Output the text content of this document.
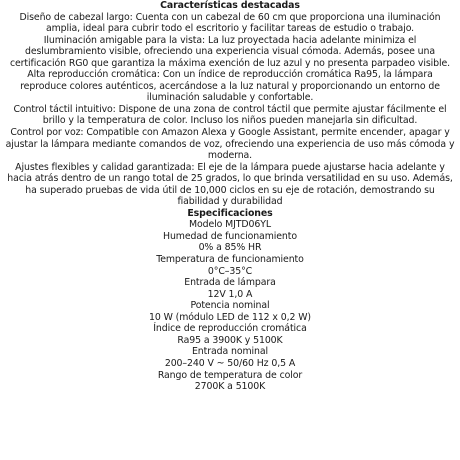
Características destacadas

Diseño de cabezal largo: Cuenta con un cabezal de 60 cm que proporciona una iluminación amplia, ideal para cubrir todo el escritorio y facilitar tareas de estudio o trabajo.

Iluminación amigable para la vista: La luz proyectada hacia adelante minimiza el deslumbramiento visible, ofreciendo una experiencia visual cómoda. Además, posee una certificación RG0 que garantiza la máxima exención de luz azul y no presenta parpadeo visible.

Alta reproducción cromática: Con un índice de reproducción cromática Ra95, la lámpara reproduce colores auténticos, acercándose a la luz natural y proporcionando un entorno de iluminación saludable y confortable.

Control táctil intuitivo: Dispone de una zona de control táctil que permite ajustar fácilmente el brillo y la temperatura de color. Incluso los niños pueden manejarla sin dificultad.

Control por voz: Compatible con Amazon Alexa y Google Assistant, permite encender, apagar y ajustar la lámpara mediante comandos de voz, ofreciendo una experiencia de uso más cómoda y moderna.

Ajustes flexibles y calidad garantizada: El eje de la lámpara puede ajustarse hacia adelante y hacia atrás dentro de un rango total de 25 grados, lo que brinda versatilidad en su uso. Además, ha superado pruebas de vida útil de 10,000 ciclos en su eje de rotación, demostrando su fiabilidad y durabilidad

Especificaciones

Modelo MJTD06YL

Humedad de funcionamiento

0% a 85% HR

Temperatura de funcionamiento

0°C–35°C

Entrada de lámpara

12V 1,0 A

Potencia nominal

10 W (módulo LED de 112 x 0,2 W)

Índice de reproducción cromática

Ra95 a 3900K y 5100K

Entrada nominal

200–240 V ~ 50/60 Hz 0,5 A

Rango de temperatura de color

2700K a 5100K
